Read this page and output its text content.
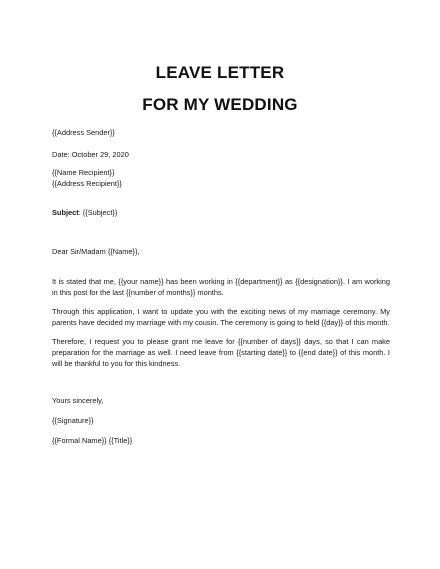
LEAVE LETTER
FOR MY WEDDING
{{Address Sender}}
Date: October 29, 2020
{{Name Recipient}}
{{Address Recipient}}
Subject: {{Subject}}
Dear Sir/Madam {{Name}},
It is stated that me, {{your name}} has been working in {{department}} as {{designation}}. I am working in this post for the last {{number of months}} months.
Through this application, I want to update you with the exciting news of my marriage ceremony. My parents have decided my marriage with my cousin. The ceremony is going to held {{day}} of this month.
Therefore, I request you to please grant me leave for {{number of days}} days, so that I can make preparation for the marriage as well. I need leave from {{starting date}} to {{end date}} of this month. I will be thankful to you for this kindness.
Yours sincerely,
{{Signature}}
{{Formal Name}} {{Title}}
